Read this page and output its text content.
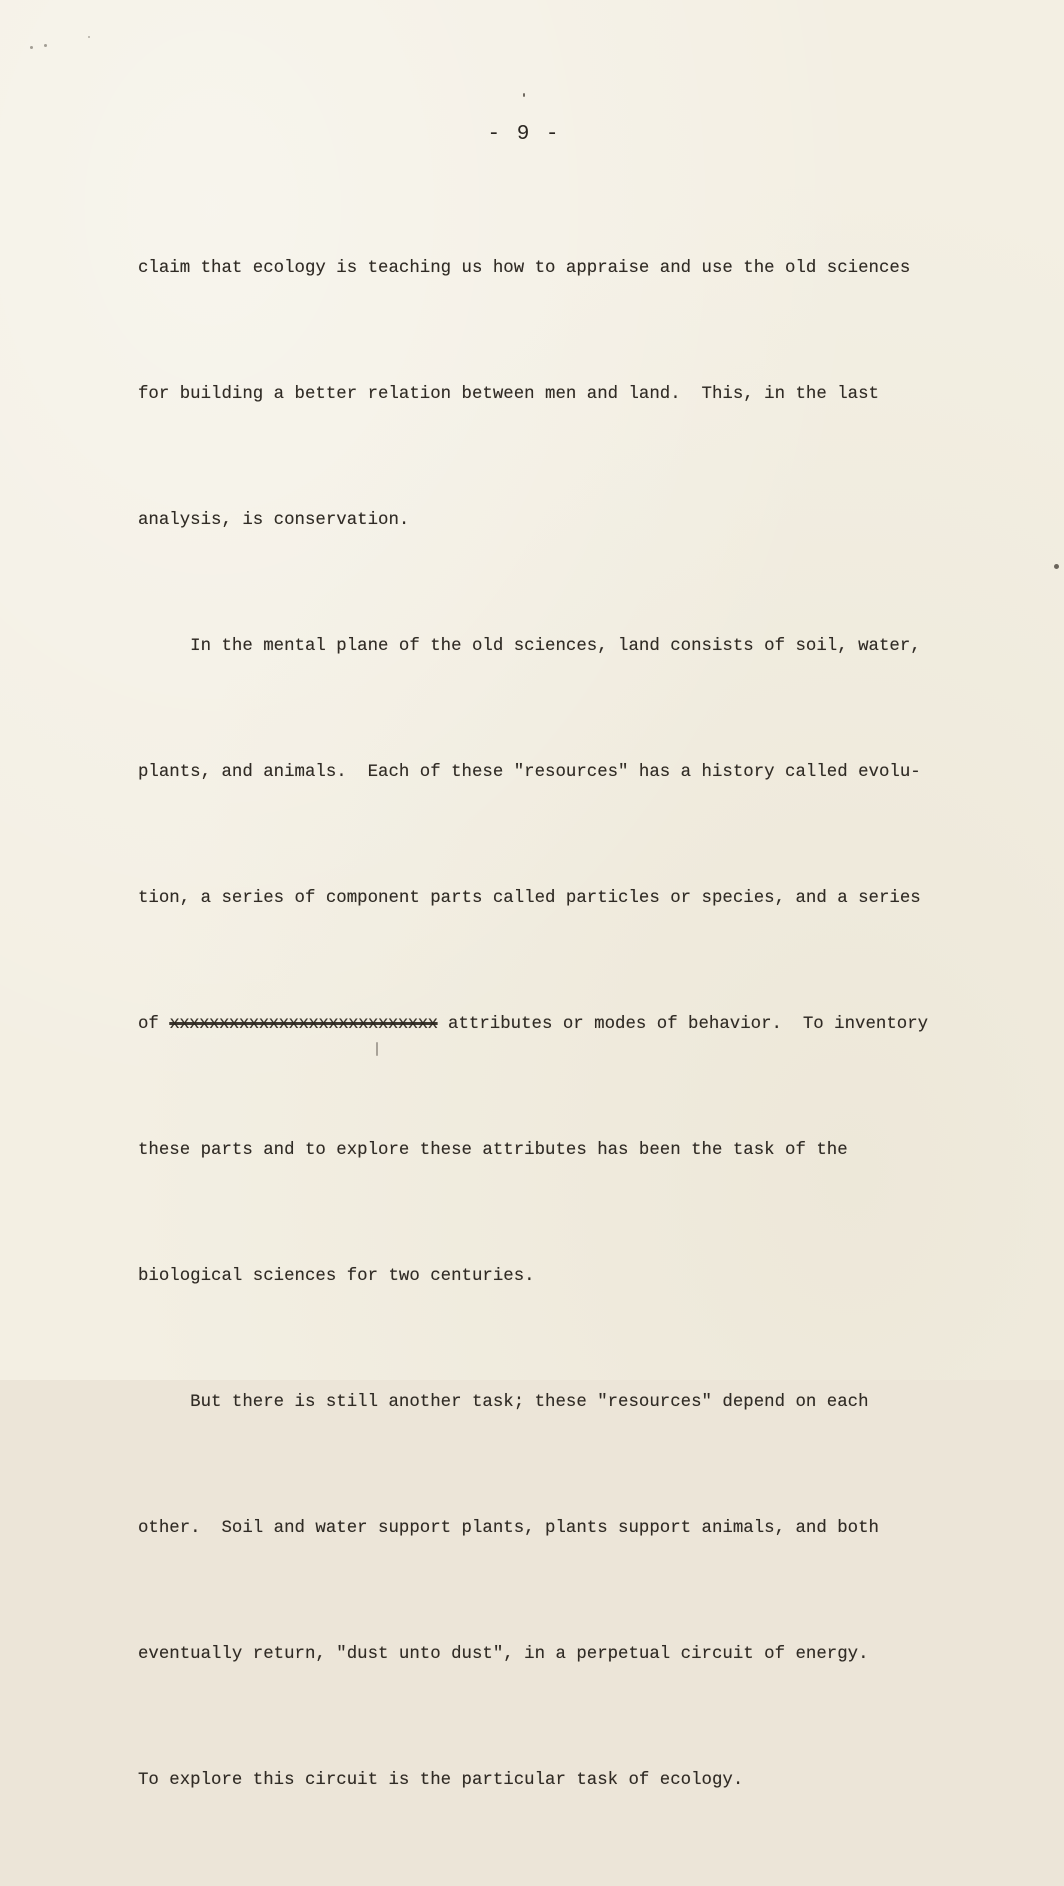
- 9 -

claim that ecology is teaching us how to appraise and use the old sciences

for building a better relation between men and land.  This, in the last

analysis, is conservation.

In the mental plane of the old sciences, land consists of soil, water,

plants, and animals.  Each of these "resources" has a history called evolu-

tion, a series of component parts called particles or species, and a series

of xxxxxxxxxxxxxxxxxxxxxxxxxxx attributes or modes of behavior.  To inventory

these parts and to explore these attributes has been the task of the

biological sciences for two centuries.

But there is still another task; these "resources" depend on each

other.  Soil and water support plants, plants support animals, and both

eventually return, "dust unto dust", in a perpetual circuit of energy.

To explore this circuit is the particular task of ecology.
